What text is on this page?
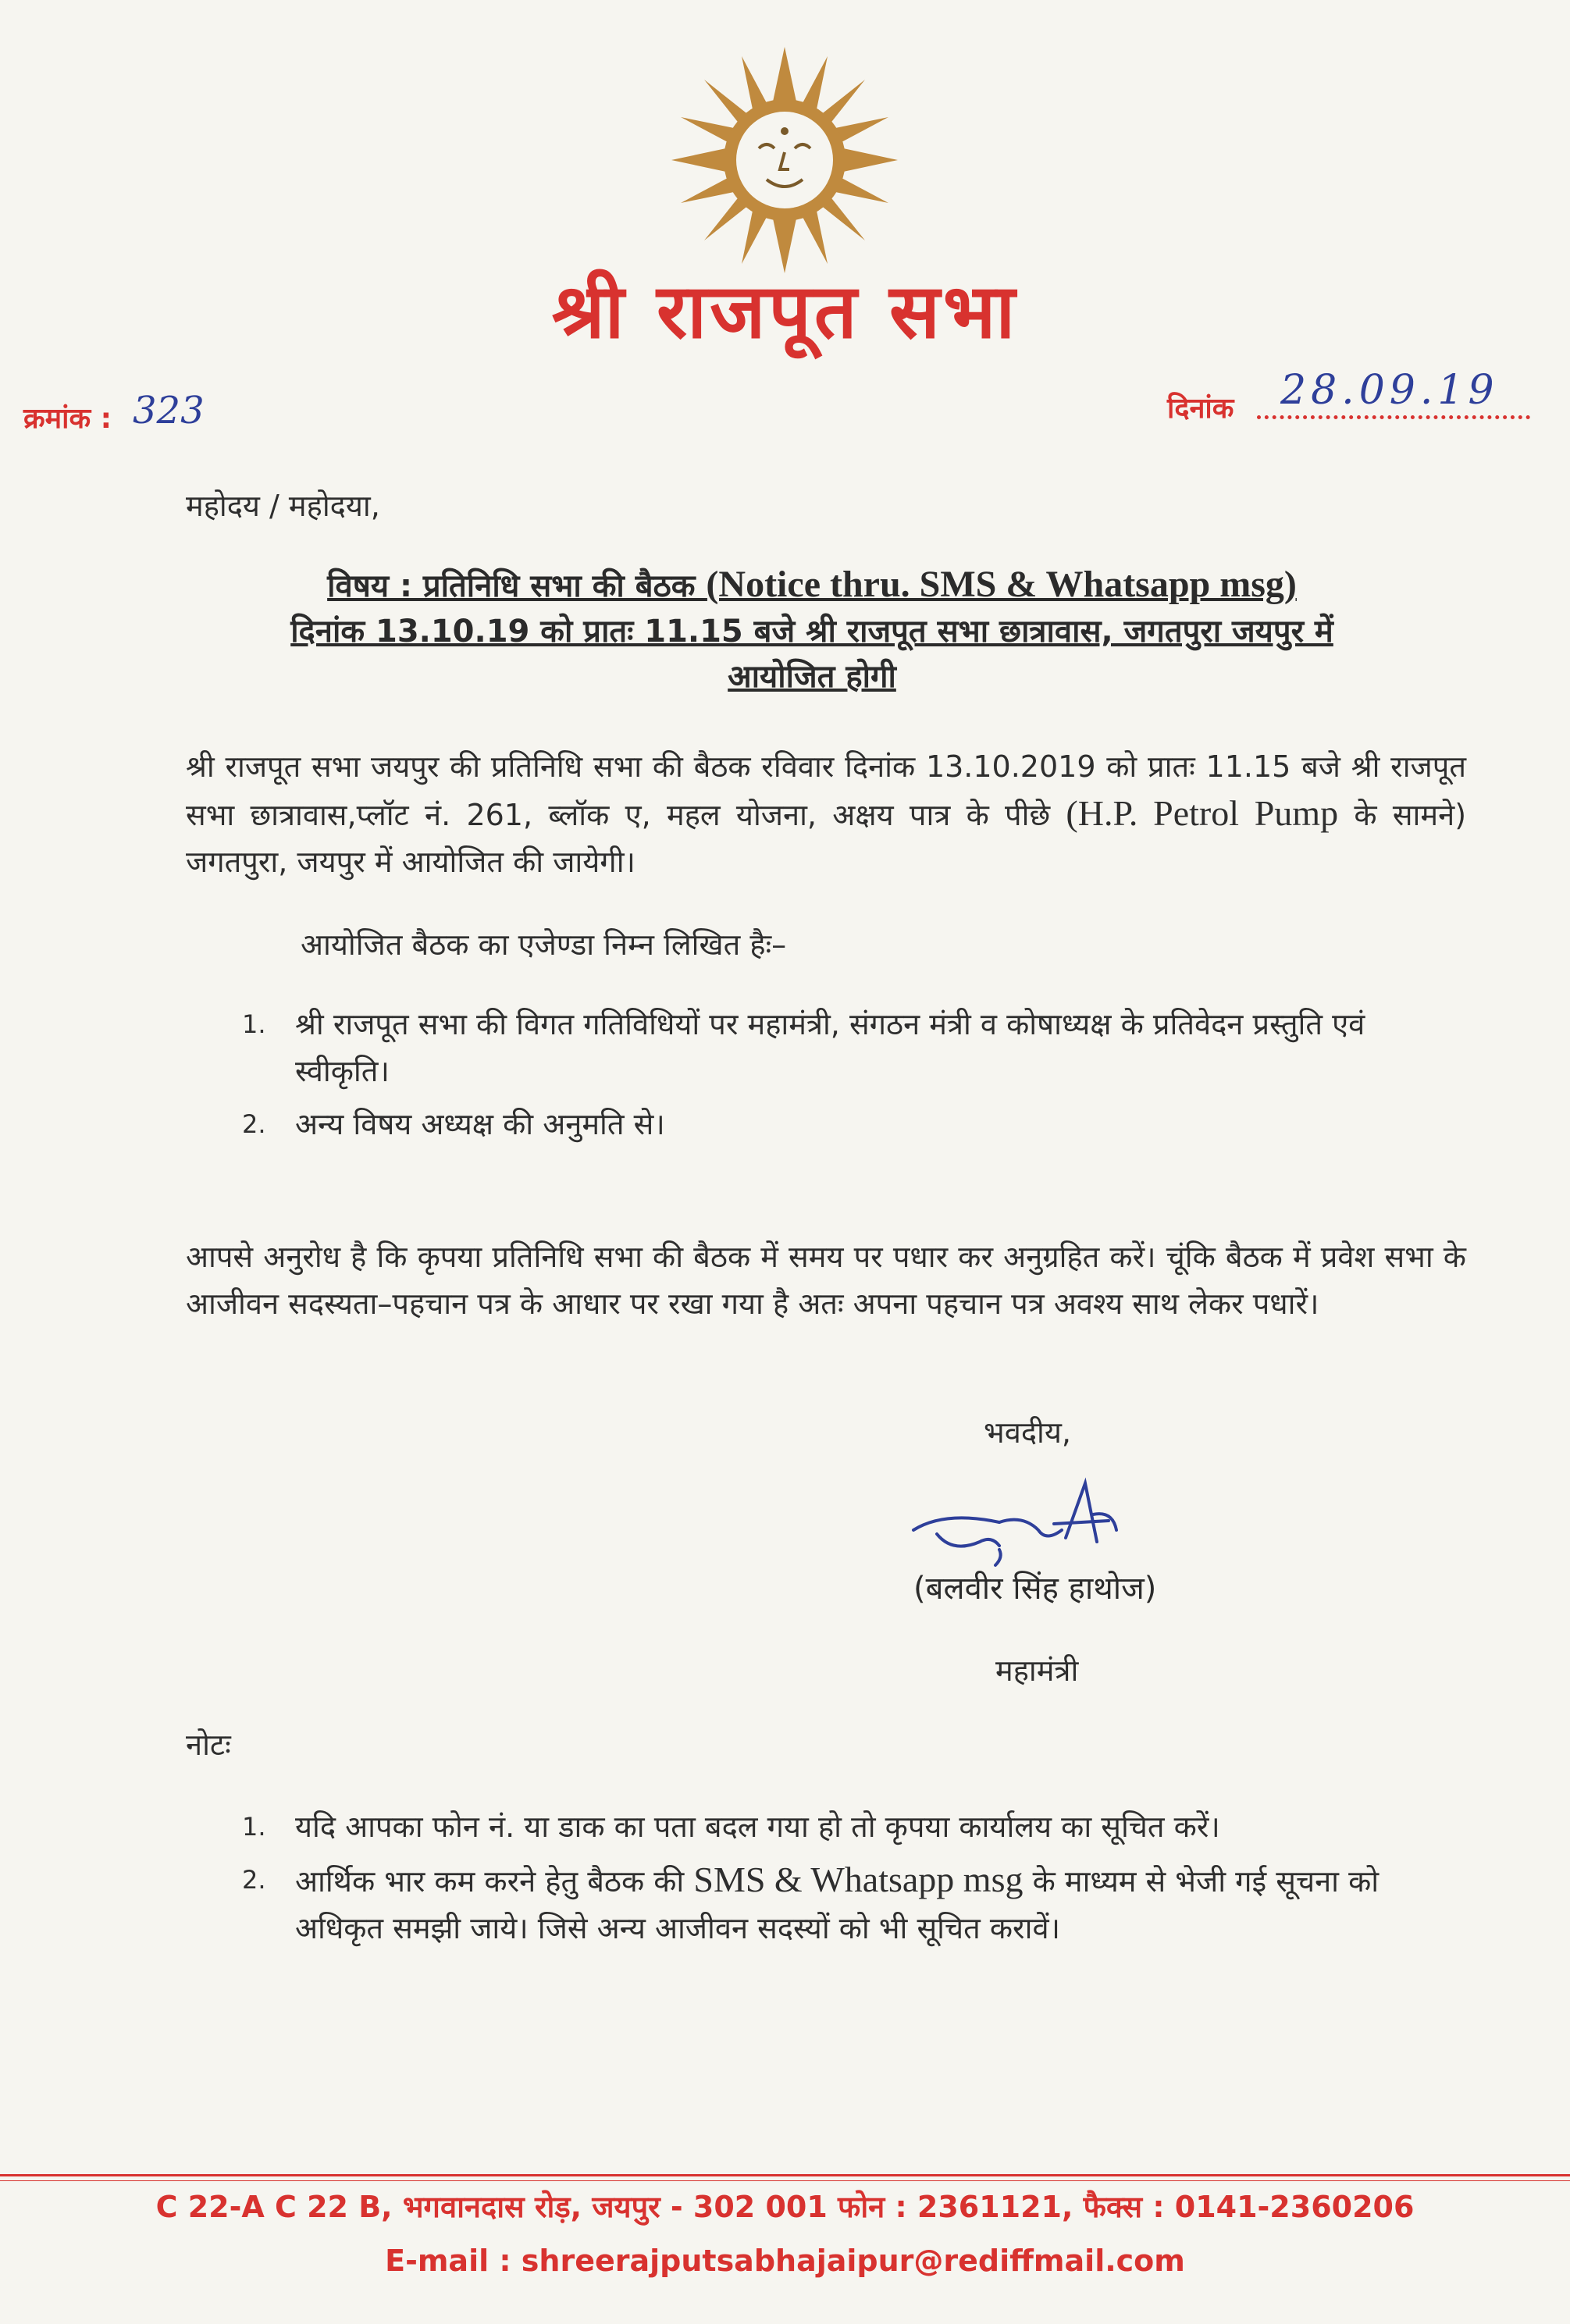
श्री राजपूत सभा
क्रमांक : 323	दिनांक 28.09.19
महोदय / महोदया,
विषय : प्रतिनिधि सभा की बैठक (Notice thru. SMS & Whatsapp msg)
दिनांक 13.10.19 को प्रातः 11.15 बजे श्री राजपूत सभा छात्रावास, जगतपुरा जयपुर में
आयोजित होगी
श्री राजपूत सभा जयपुर की प्रतिनिधि सभा की बैठक रविवार दिनांक 13.10.2019 को प्रातः 11.15 बजे श्री राजपूत सभा छात्रावास,प्लॉट नं. 261, ब्लॉक ए, महल योजना, अक्षय पात्र के पीछे (H.P. Petrol Pump के सामने) जगतपुरा, जयपुर में आयोजित की जायेगी।
आयोजित बैठक का एजेण्डा निम्न लिखित हैः–
1. श्री राजपूत सभा की विगत गतिविधियों पर महामंत्री, संगठन मंत्री व कोषाध्यक्ष के प्रतिवेदन प्रस्तुति एवं स्वीकृति।
2. अन्य विषय अध्यक्ष की अनुमति से।
आपसे अनुरोध है कि कृपया प्रतिनिधि सभा की बैठक में समय पर पधार कर अनुग्रहित करें। चूंकि बैठक में प्रवेश सभा के आजीवन सदस्यता–पहचान पत्र के आधार पर रखा गया है अतः अपना पहचान पत्र अवश्य साथ लेकर पधारें।
भवदीय,
(बलवीर सिंह हाथोज)
महामंत्री
नोटः
1. यदि आपका फोन नं. या डाक का पता बदल गया हो तो कृपया कार्यालय का सूचित करें।
2. आर्थिक भार कम करने हेतु बैठक की SMS & Whatsapp msg के माध्यम से भेजी गई सूचना को अधिकृत समझी जाये। जिसे अन्य आजीवन सदस्यों को भी सूचित करावें।
C 22-A C 22 B, भगवानदास रोड़, जयपुर - 302 001 फोन : 2361121, फैक्स : 0141-2360206
E-mail : shreerajputsabhajaipur@rediffmail.com
